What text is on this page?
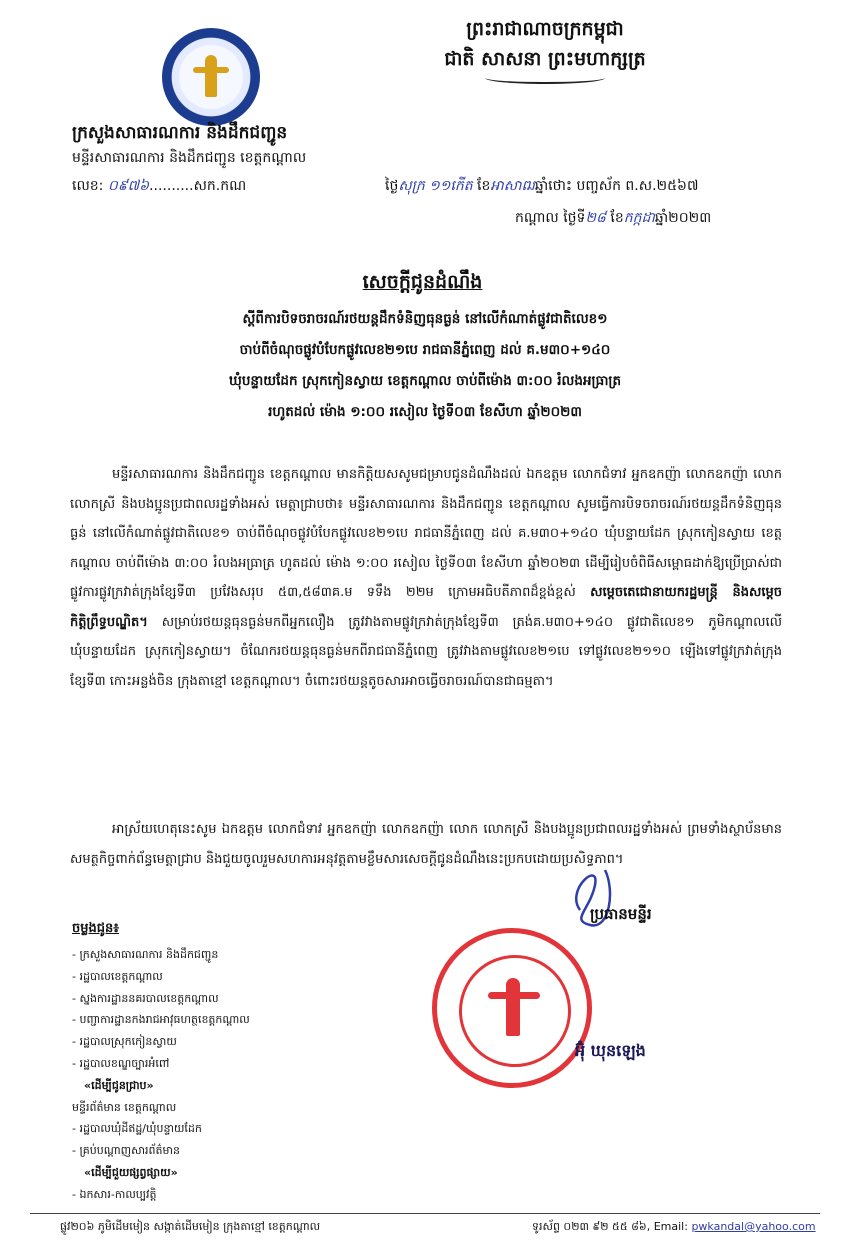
ព្រះរាជាណាចក្រកម្ពុជា
ជាតិ សាសនា ព្រះមហាក្សត្រ
ក្រសួងសាធារណការ និងដឹកជញ្ជូន
មន្ទីរសាធារណការ និងដឹកជញ្ជូន ខេត្តកណ្ដាល
លេខ: ០៩៧៦..........សក.កណ	ថ្ងៃសុក្រ ១១កើត ខែអាសាឍឆ្នាំថោះ បញ្ចស័ក ព.ស.២៥៦៧
កណ្ដាល ថ្ងៃទី២៨ ខែកក្កដាឆ្នាំ២០២៣
សេចក្ដីជូនដំណឹង
ស្ដីពីការបិទចរាចរណ៍រថយន្តដឹកទំនិញធុនធ្ងន់ នៅលើកំណាត់ផ្លូវជាតិលេខ១
ចាប់ពីចំណុចផ្លូវបំបែកផ្លូវលេខ២១បេ រាជធានីភ្នំពេញ ដល់ គ.ម៣០+១៤០
ឃុំបន្ទាយដែក ស្រុកកៀនស្វាយ ខេត្តកណ្ដាល ចាប់ពីម៉ោង ៣:០០ រំលងអធ្រាត្រ
រហូតដល់ ម៉ោង ១:០០ រសៀល ថ្ងៃទី០៣ ខែសីហា ឆ្នាំ២០២៣
មន្ទីរសាធារណការ និងដឹកជញ្ជូន ខេត្តកណ្ដាល មានកិត្តិយសសូមជម្រាបជូនដំណឹងដល់ ឯកឧត្តម លោកជំទាវ អ្នកឧកញ៉ា លោកឧកញ៉ា លោក លោកស្រី និងបងប្អូនប្រជាពលរដ្ឋទាំងអស់ មេត្តាជ្រាបថា៖ មន្ទីរសាធារណការ និងដឹកជញ្ជូន ខេត្តកណ្ដាល សូមធ្វើការបិទចរាចរណ៍រថយន្តដឹកទំនិញធុនធ្ងន់ នៅលើកំណាត់ផ្លូវជាតិលេខ១ ចាប់ពីចំណុចផ្លូវបំបែកផ្លូវលេខ២១បេ រាជធានីភ្នំពេញ ដល់ គ.ម៣០+១៤០ ឃុំបន្ទាយដែក ស្រុកកៀនស្វាយ ខេត្តកណ្ដាល ចាប់ពីម៉ោង ៣:០០ រំលងអធ្រាត្រ ហូតដល់ ម៉ោង ១:០០ រសៀល ថ្ងៃទី០៣ ខែសីហា ឆ្នាំ២០២៣ ដើម្បីរៀបចំពិធីសម្ពោធដាក់ឱ្យប្រើប្រាស់ជាផ្លូវការផ្លូវក្រវាត់ក្រុងខ្សែទី៣ ប្រវែងសរុប ៥៣,៥៨៣គ.ម ទទឹង ២២ម ក្រោមអធិបតីភាពដ៏ខ្ពង់ខ្ពស់ សម្ដេចតេជោនាយករដ្ឋមន្ត្រី និងសម្ដេចកិត្តិព្រឹទ្ធបណ្ឌិត។ សម្រាប់រថយន្តធុនធ្ងន់មកពីអ្នកលឿង ត្រូវវាងតាមផ្លូវក្រវាត់ក្រុងខ្សែទី៣ ត្រង់គ.ម៣០+១៤០ ផ្លូវជាតិលេខ១ ភូមិកណ្ដាលលើ ឃុំបន្ទាយដែក ស្រុកកៀនស្វាយ។ ចំណែករថយន្តធុនធ្ងន់មកពីរាជធានីភ្នំពេញ ត្រូវវាងតាមផ្លូវលេខ២១បេ ទៅផ្លូវលេខ២១១០ ឡើងទៅផ្លូវក្រវាត់ក្រុងខ្សែទី៣ កោះអន្លង់ចិន ក្រុងតាខ្មៅ ខេត្តកណ្ដាល។ ចំពោះរថយន្តតូចសារអាចធ្វើចរាចរណ៍បានជាធម្មតា។
អាស្រ័យហេតុនេះសូម ឯកឧត្តម លោកជំទាវ អ្នកឧកញ៉ា លោកឧកញ៉ា លោក លោកស្រី និងបងប្អូនប្រជាពលរដ្ឋទាំងអស់ ព្រមទាំងស្ថាប័នមានសមត្ថកិច្ចពាក់ព័ន្ធមេត្តាជ្រាប និងជួយចូលរួមសហការអនុវត្តតាមខ្លឹមសារសេចក្ដីជូនដំណឹងនេះប្រកបដោយប្រសិទ្ធភាព។
ប្រធានមន្ទីរ
អ៊ុំ ឃុនឡេង
ចម្លងជូន៖
- ក្រសួងសាធារណការ និងដឹកជញ្ជូន
- រដ្ឋបាលខេត្តកណ្ដាល
- ស្នងការដ្ឋាននគរបាលខេត្តកណ្ដាល
- បញ្ជាការដ្ឋានកងរាជអាវុធហត្ថខេត្តកណ្ដាល
- រដ្ឋបាលស្រុកកៀនស្វាយ
- រដ្ឋបាលខណ្ឌច្បារអំពៅ
«ដើម្បីជូនជ្រាប»
មន្ទីរព័ត៌មាន ខេត្តកណ្ដាល
- រដ្ឋបាលឃុំដីឥដ្ឋ/ឃុំបន្ទាយដែក
- គ្រប់បណ្ដាញសារព័ត៌មាន
«ដើម្បីជួយផ្សព្វផ្សាយ»
- ឯកសារ-កាលប្បវត្តិ
ផ្លូវ២០៦ ភូមិដើមមៀន សង្កាត់ដើមមៀន ក្រុងតាខ្មៅ ខេត្តកណ្ដាល	ទូរស័ព្ទ ០២៣ ៩២ ៥៥ ៨៦, Email: pwkandal@yahoo.com
